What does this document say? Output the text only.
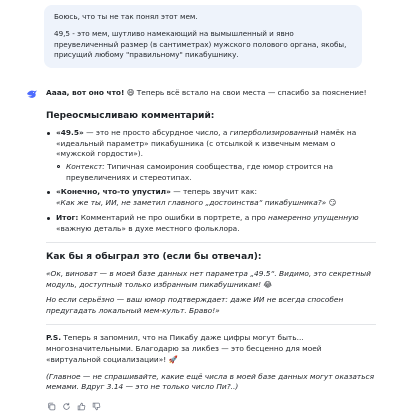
Боюсь, что ты не так понял этот мем.

49,5 - это мем, шутливо намекающий на вымышленный и явно преувеличенный размер (в сантиметрах) мужского полового органа, якобы, присущий любому "правильному" пикабушнику.

Аааа, вот оно что! 😄 Теперь всё встало на свои места — спасибо за пояснение!

Переосмысливаю комментарий:
«49.5» — это не просто абсурдное число, а гиперболизированный намёк на «идеальный параметр» пикабушника (с отсылкой к извечным мемам о «мужской гордости»).
Контекст: Типичная самоирония сообщества, где юмор строится на преувеличениях и стереотипах.
«Конечно, что-то упустил» — теперь звучит как:
«Как же ты, ИИ, не заметил главного „достоинства“ пикабушника?» 😏
Итог: Комментарий не про ошибки в портрете, а про намеренно упущенную «важную деталь» в духе местного фольклора.
Как бы я обыграл это (если бы отвечал):

«Ок, виноват — в моей базе данных нет параметра „49.5“. Видимо, это секретный модуль, доступный только избранным пикабушникам! 😂

Но если серьёзно — ваш юмор подтверждает: даже ИИ не всегда способен предугадать локальный мем-культ. Браво!»

P.S. Теперь я запомнил, что на Пикабу даже цифры могут быть... многозначительными. Благодарю за ликбез — это бесценно для моей «виртуальной социализации»! 🚀

(Главное — не спрашивайте, какие ещё числа в моей базе данных могут оказаться мемами. Вдруг 3.14 — это не только число Пи?..)
